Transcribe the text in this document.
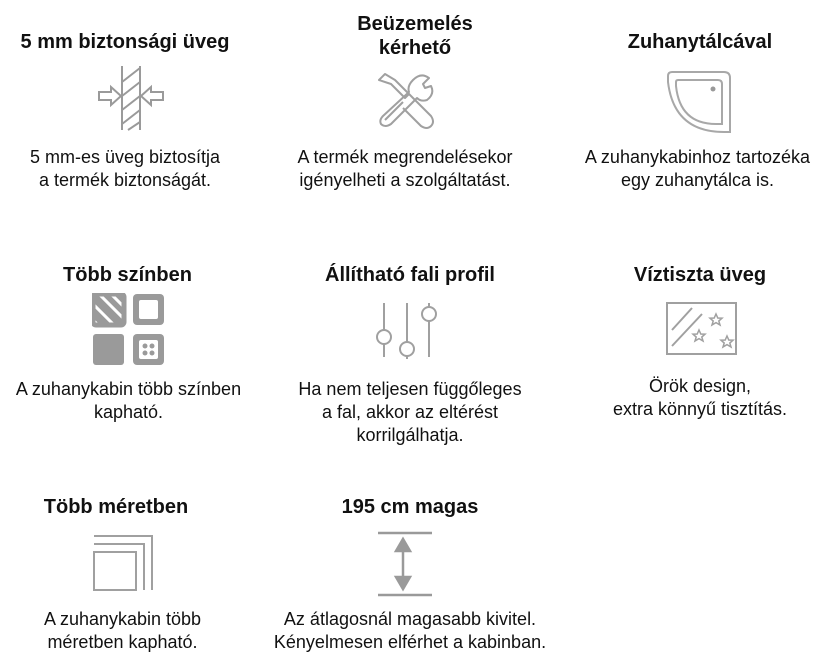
5 mm biztonsági üveg
5 mm-es üveg biztosítja
a termék biztonságát.
Beüzemelés
kérhető
A termék megrendelésekor
igényelheti a szolgáltatást.
Zuhanytálcával
A zuhanykabinhoz tartozéka
egy zuhanytálca is.
Több színben
A zuhanykabin több színben
kapható.
Állítható fali profil
Ha nem teljesen függőleges
a fal, akkor az eltérést
korrilgálhatja.
Víztiszta üveg
Örök design,
extra könnyű tisztítás.
Több méretben
A zuhanykabin több
méretben kapható.
195 cm magas
Az átlagosnál magasabb kivitel.
Kényelmesen elférhet a kabinban.
